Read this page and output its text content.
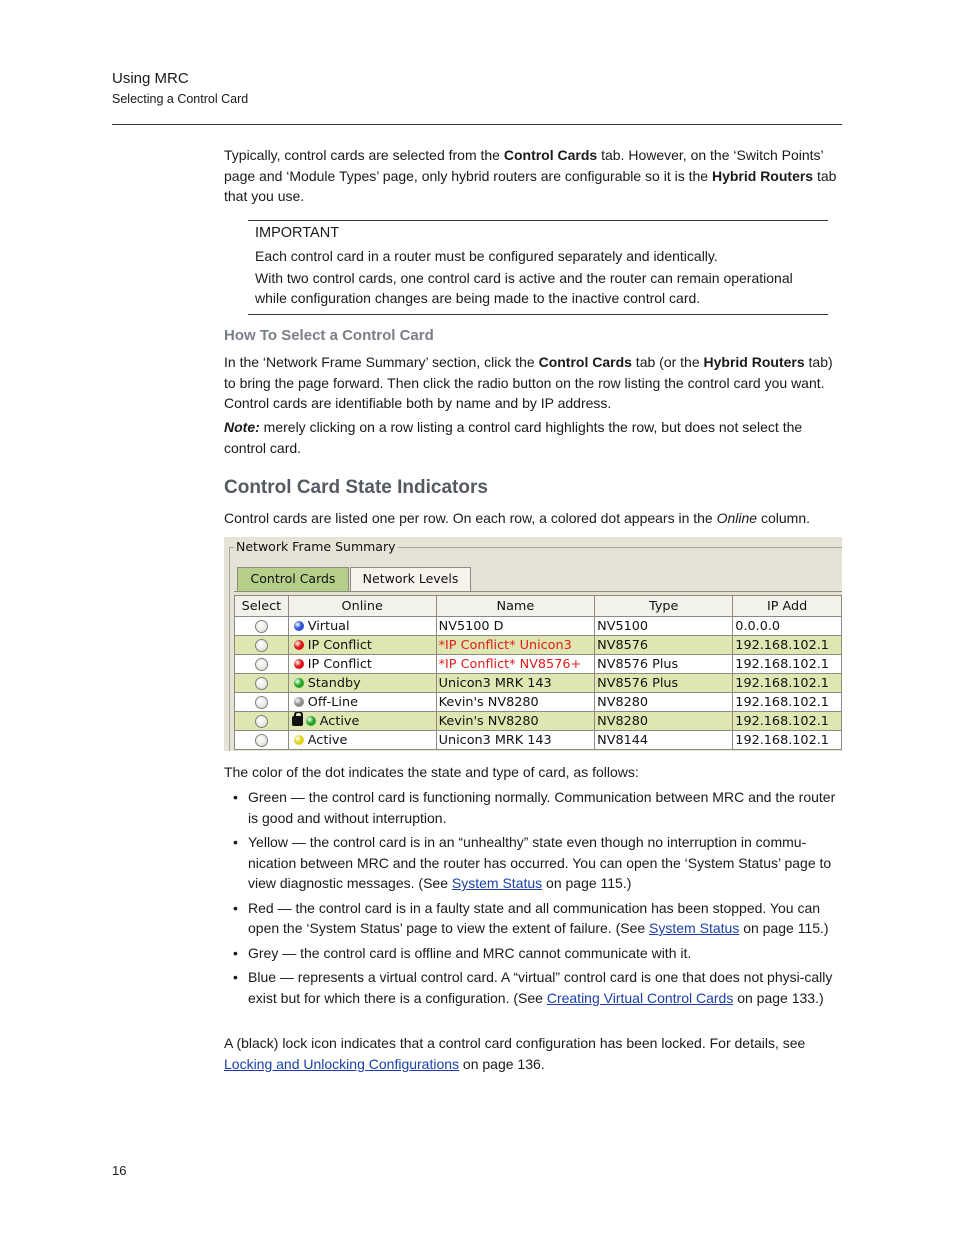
Using MRC
Selecting a Control Card
Typically, control cards are selected from the Control Cards tab. However, on the ‘Switch Points’ page and ‘Module Types’ page, only hybrid routers are configurable so it is the Hybrid Routers tab that you use.

IMPORTANT

Each control card in a router must be configured separately and identically.

With two control cards, one control card is active and the router can remain operational while configuration changes are being made to the inactive control card.

How To Select a Control Card
In the ‘Network Frame Summary’ section, click the Control Cards tab (or the Hybrid Routers tab) to bring the page forward. Then click the radio button on the row listing the control card you want. Control cards are identifiable both by name and by IP address.
Note: merely clicking on a row listing a control card highlights the row, but does not select the control card.
Control Card State Indicators
Control cards are listed one per row. On each row, a colored dot appears in the Online column.
Network Frame Summary
Control Cards	Network Levels
Select	Online	Name	Type	IP Add
	Virtual	NV5100 D	NV5100	0.0.0.0
	IP Conflict	*IP Conflict* Unicon3	NV8576	192.168.102.1
	IP Conflict	*IP Conflict* NV8576+	NV8576 Plus	192.168.102.1
	Standby	Unicon3 MRK 143	NV8576 Plus	192.168.102.1
	Off-Line	Kevin's NV8280	NV8280	192.168.102.1
	Active	Kevin's NV8280	NV8280	192.168.102.1
	Active	Unicon3 MRK 143	NV8144	192.168.102.1
The color of the dot indicates the state and type of card, as follows:
• Green — the control card is functioning normally. Communication between MRC and the router is good and without interruption.
• Yellow — the control card is in an “unhealthy” state even though no interruption in commu-nication between MRC and the router has occurred. You can open the ‘System Status’ page to view diagnostic messages. (See System Status on page 115.)
• Red — the control card is in a faulty state and all communication has been stopped. You can open the ‘System Status’ page to view the extent of failure. (See System Status on page 115.)
• Grey — the control card is offline and MRC cannot communicate with it.
• Blue — represents a virtual control card. A “virtual” control card is one that does not physi-cally exist but for which there is a configuration. (See Creating Virtual Control Cards on page 133.)
A (black) lock icon indicates that a control card configuration has been locked. For details, see Locking and Unlocking Configurations on page 136.
16
